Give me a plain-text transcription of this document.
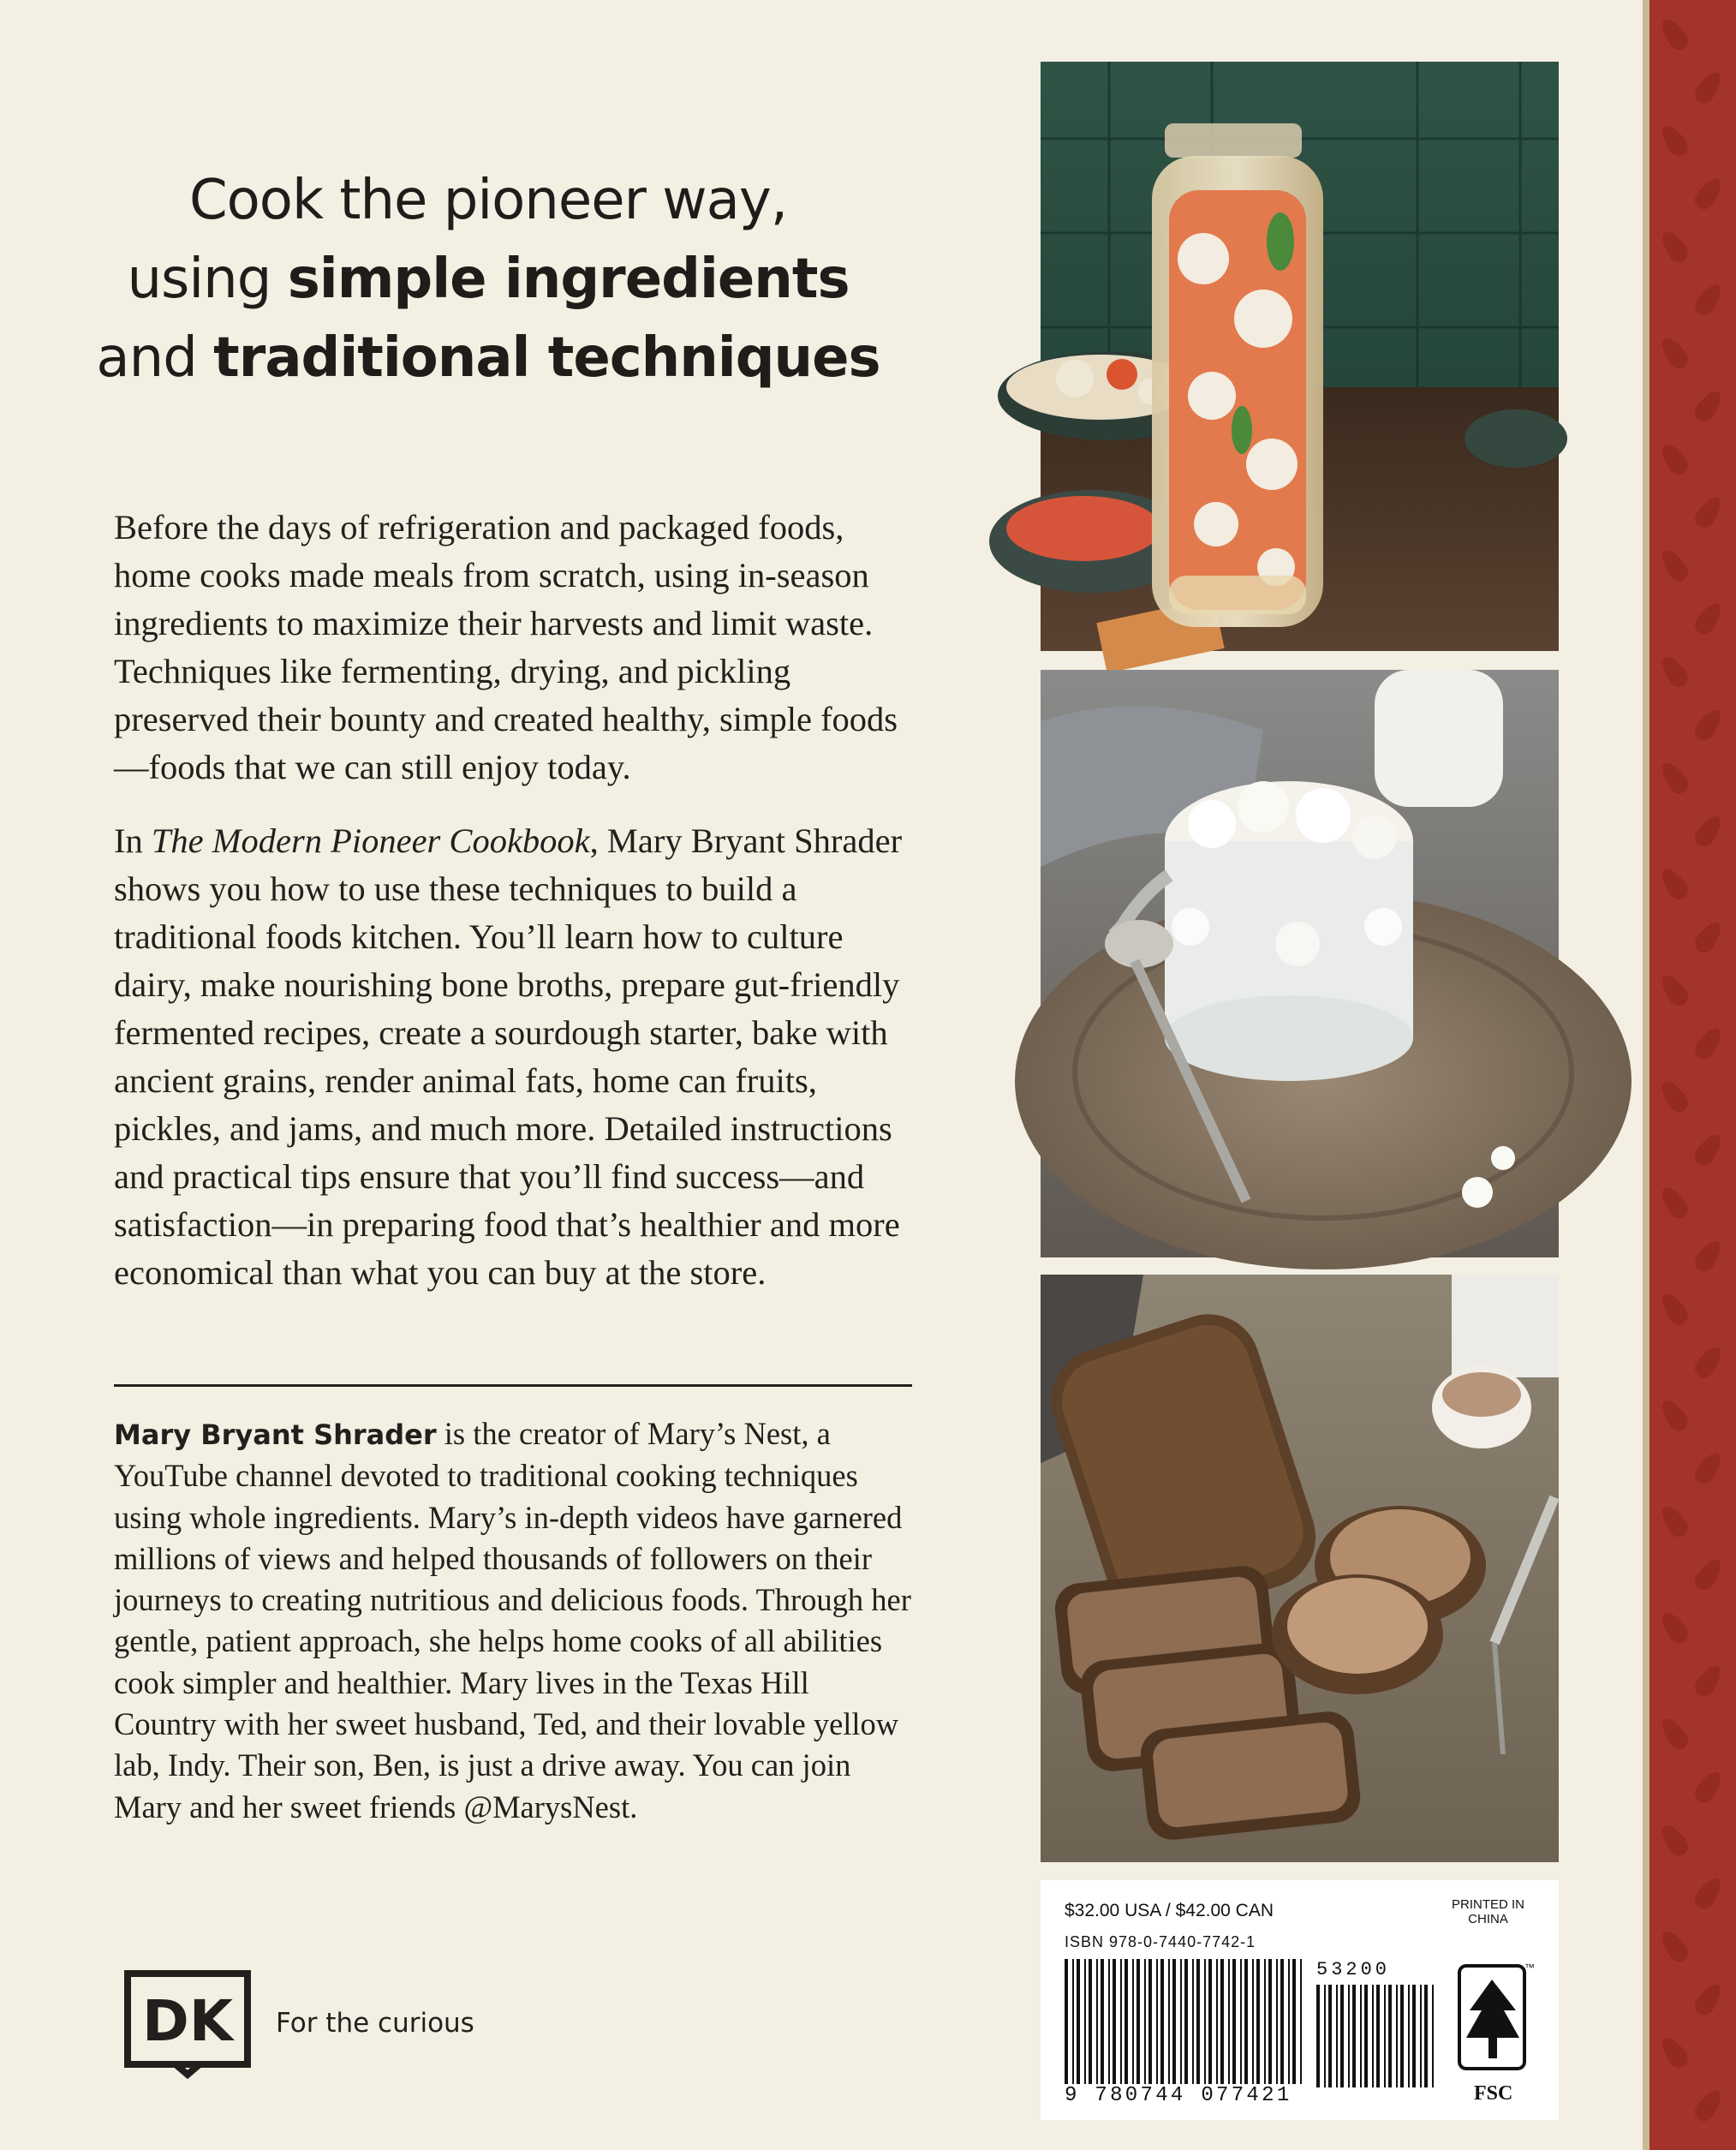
Cook the pioneer way,
using simple ingredients
and traditional techniques

Before the days of refrigeration and packaged foods, home cooks made meals from scratch, using in-season ingredients to maximize their harvests and limit waste. Techniques like fermenting, drying, and pickling preserved their bounty and created healthy, simple foods—foods that we can still enjoy today.

In The Modern Pioneer Cookbook, Mary Bryant Shrader shows you how to use these techniques to build a traditional foods kitchen. You’ll learn how to culture dairy, make nourishing bone broths, prepare gut-friendly fermented recipes, create a sourdough starter, bake with ancient grains, render animal fats, home can fruits, pickles, and jams, and much more. Detailed instructions and practical tips ensure that you’ll find success—and satisfaction—in preparing food that’s healthier and more economical than what you can buy at the store.

Mary Bryant Shrader is the creator of Mary’s Nest, a YouTube channel devoted to traditional cooking techniques using whole ingredients. Mary’s in-depth videos have garnered millions of views and helped thousands of followers on their journeys to creating nutritious and delicious foods. Through her gentle, patient approach, she helps home cooks of all abilities cook simpler and healthier. Mary lives in the Texas Hill Country with her sweet husband, Ted, and their lovable yellow lab, Indy. Their son, Ben, is just a drive away. You can join Mary and her sweet friends @MarysNest.
DK For the curious
$32.00 USA / $42.00 CAN	PRINTED IN
CHINA
ISBN 978-0-7440-7742-1
53200
9 780744 077421
™
FSC
